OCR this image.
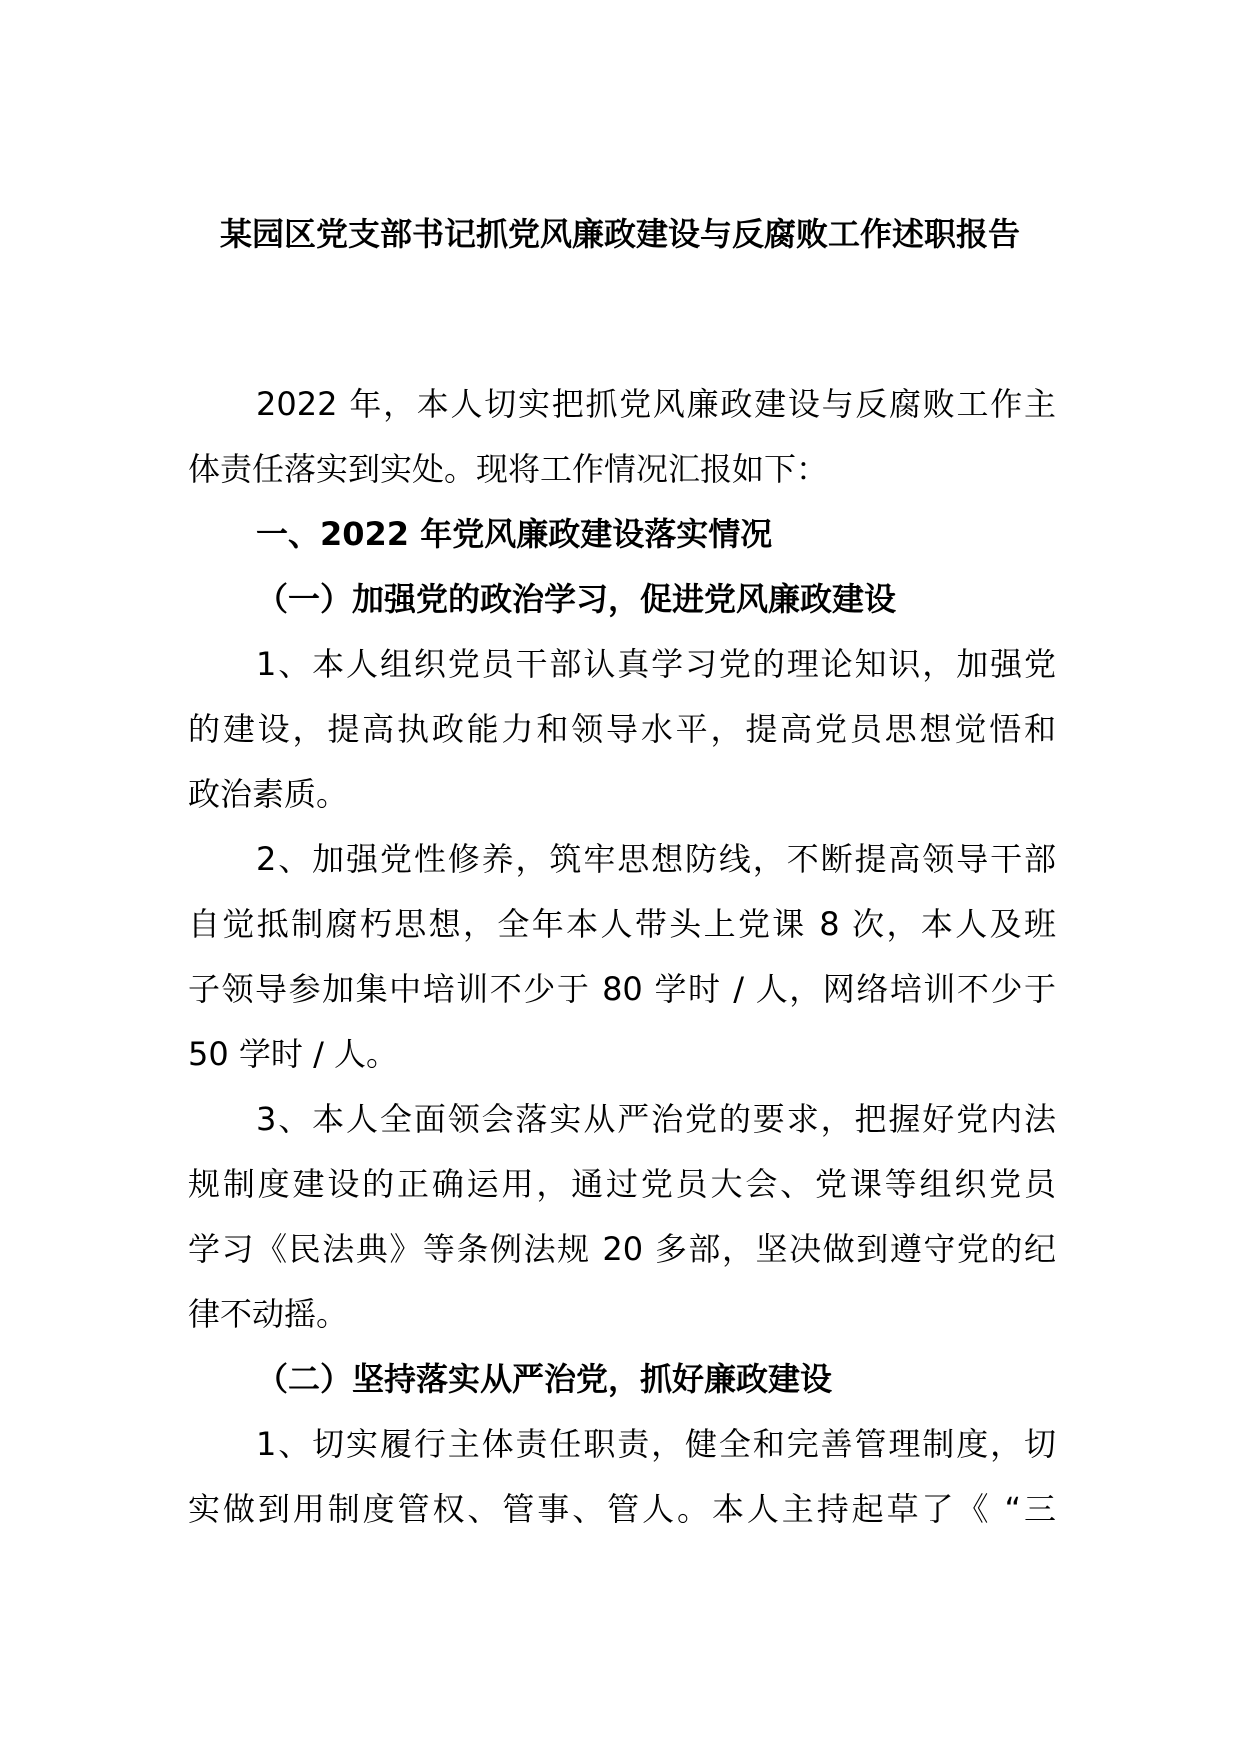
某园区党支部书记抓党风廉政建设与反腐败工作述职报告
2022 年，本人切实把抓党风廉政建设与反腐败工作主
体责任落实到实处。现将工作情况汇报如下：
一、2022 年党风廉政建设落实情况
（一）加强党的政治学习，促进党风廉政建设
1、本人组织党员干部认真学习党的理论知识，加强党
的建设，提高执政能力和领导水平，提高党员思想觉悟和
政治素质。
2、加强党性修养，筑牢思想防线，不断提高领导干部
自觉抵制腐朽思想，全年本人带头上党课 8 次，本人及班
子领导参加集中培训不少于 80 学时 / 人，网络培训不少于
50 学时 / 人。
3、本人全面领会落实从严治党的要求，把握好党内法
规制度建设的正确运用，通过党员大会、党课等组织党员
学习《民法典》等条例法规 20 多部，坚决做到遵守党的纪
律不动摇。
（二）坚持落实从严治党，抓好廉政建设
1、切实履行主体责任职责，健全和完善管理制度，切
实做到用制度管权、管事、管人。本人主持起草了《 “三
